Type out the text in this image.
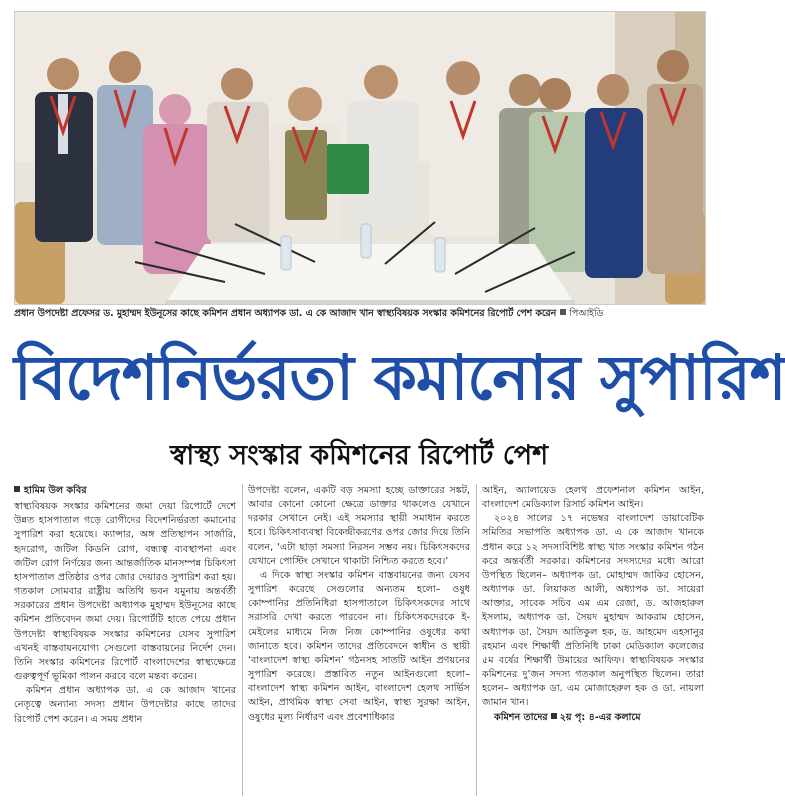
প্রধান উপদেষ্টা প্রফেসর ড. মুহাম্মদ ইউনূসের কাছে কমিশন প্রধান অধ্যাপক ডা. এ কে আজাদ খান স্বাস্থ্যবিষয়ক সংস্কার কমিশনের রিপোর্ট পেশ করেন পিআইডি
বিদেশনির্ভরতা কমানোর সুপারিশ
স্বাস্থ্য সংস্কার কমিশনের রিপোর্ট পেশ
হামিম উল কবির

স্বাস্থ্যবিষয়ক সংস্কার কমিশনের জমা দেয়া রিপোর্টে দেশে উন্নত হাসপাতাল গড়ে রোগীদের বিদেশনির্ভরতা কমানোর সুপারিশ করা হয়েছে। ক্যান্সার, অঙ্গ প্রতিস্থাপন সার্জারি, হৃদরোগ, জটিল কিডনি রোগ, বন্ধ্যত্ব ব্যবস্থাপনা এবং জটিল রোগ নির্ণয়ের জন্য আন্তর্জাতিক মানসম্পন্ন চিকিৎসা হাসপাতাল প্রতিষ্ঠার ওপর জোর দেয়ারও সুপারিশ করা হয়। গতকাল সোমবার রাষ্ট্রীয় অতিথি ভবন যমুনায় অন্তর্বর্তী সরকারের প্রধান উপদেষ্টা অধ্যাপক মুহাম্মদ ইউনূসের কাছে কমিশন প্রতিবেদন জমা দেয়। রিপোর্টটি হাতে পেয়ে প্রধান উপদেষ্টা স্বাস্থ্যবিষয়ক সংস্কার কমিশনের যেসব সুপারিশ এখনই বাস্তবায়নযোগ্য সেগুলো বাস্তবায়নের নির্দেশ দেন। তিনি সংস্কার কমিশনের রিপোর্ট বাংলাদেশের স্বাস্থ্যক্ষেত্রে গুরুত্বপূর্ণ ভূমিকা পালন করবে বলে মন্তব্য করেন।

কমিশন প্রধান অধ্যাপক ডা. এ কে আজাদ খানের নেতৃত্বে অন্যান্য সদস্য প্রধান উপদেষ্টার কাছে তাদের রিপোর্ট পেশ করেন। এ সময় প্রধান

উপদেষ্টা বলেন, একটি বড় সমস্যা হচ্ছে ডাক্তারের সঙ্কট, আবার কোনো কোনো ক্ষেত্রে ডাক্তার থাকলেও যেখানে দরকার সেখানে নেই। এই সমস্যার স্থায়ী সমাধান করতে হবে। চিকিৎসাব্যবস্থা বিকেন্দ্রীকরণের ওপর জোর দিয়ে তিনি বলেন, ‘এটা ছাড়া সমস্যা নিরসন সম্ভব নয়। চিকিৎসকদের যেখানে পোস্টিং সেখানে থাকাটা নিশ্চিত করতে হবে।’

এ দিকে স্বাস্থ্য সংস্কার কমিশন বাস্তবায়নের জন্য যেসব সুপারিশ করেছে সেগুলোর অন্যতম হলো– ওষুধ কোম্পানির প্রতিনিধিরা হাসপাতালে চিকিৎসকদের সাথে সরাসরি দেখা করতে পারবেন না। চিকিৎসকদেরকে ই-মেইলের মাধ্যমে নিজ নিজ কোম্পানির ওষুধের কথা জানাতে হবে। কমিশন তাদের প্রতিবেদনে স্বাধীন ও স্থায়ী ‘বাংলাদেশ স্বাস্থ্য কমিশন’ গঠনসহ সাতটি আইন প্রণয়নের সুপারিশ করেছে। প্রস্তাবিত নতুন আইনগুলো হলো– বাংলাদেশ স্বাস্থ্য কমিশন আইন, বাংলাদেশ হেলথ সার্ভিস আইন, প্রাথমিক স্বাস্থ্য সেবা আইন, স্বাস্থ্য সুরক্ষা আইন, ওষুধের মূল্য নির্ধারণ এবং প্রবেশাধিকার

আইন, অ্যালায়েড হেলথ প্রফেশনাল কমিশন আইন, বাংলাদেশ মেডিক্যাল রিসার্চ কমিশন আইন।

২০২৪ সালের ১৭ নভেম্বর বাংলাদেশ ডায়াবেটিক সমিতির সভাপতি অধ্যাপক ডা. এ কে আজাদ খানকে প্রধান করে ১২ সদস্যবিশিষ্ট স্বাস্থ্য খাত সংস্কার কমিশন গঠন করে অন্তর্বর্তী সরকার। কমিশনের সদস্যদের মধ্যে আরো উপস্থিত ছিলেন– অধ্যাপক ডা. মোহাম্মদ জাকির হোসেন, অধ্যাপক ডা. লিয়াকত আলী, অধ্যাপক ডা. সায়েরা আক্তার, সাবেক সচিব এম এম রেজা, ড. আজহারুল ইসলাম, অধ্যাপক ডা. সৈয়দ মুহাম্মদ আকরাম হোসেন, অধ্যাপক ডা. সৈয়দ আতিকুল হক, ড. আহমেদ এহসানুর রহমান এবং শিক্ষার্থী প্রতিনিধি ঢাকা মেডিক্যাল কলেজের ৫ম বর্ষের শিক্ষার্থী উমায়ের আফিফ। স্বাস্থ্যবিষয়ক সংস্কার কমিশনের দু’জন সদস্য গতকাল অনুপস্থিত ছিলেন। তারা হলেন– অধ্যাপক ডা. এম মোজাহেরুল হক ও ডা. নায়লা জামান খান।

কমিশন তাদের ২য় পৃ: ৪-এর কলামে
